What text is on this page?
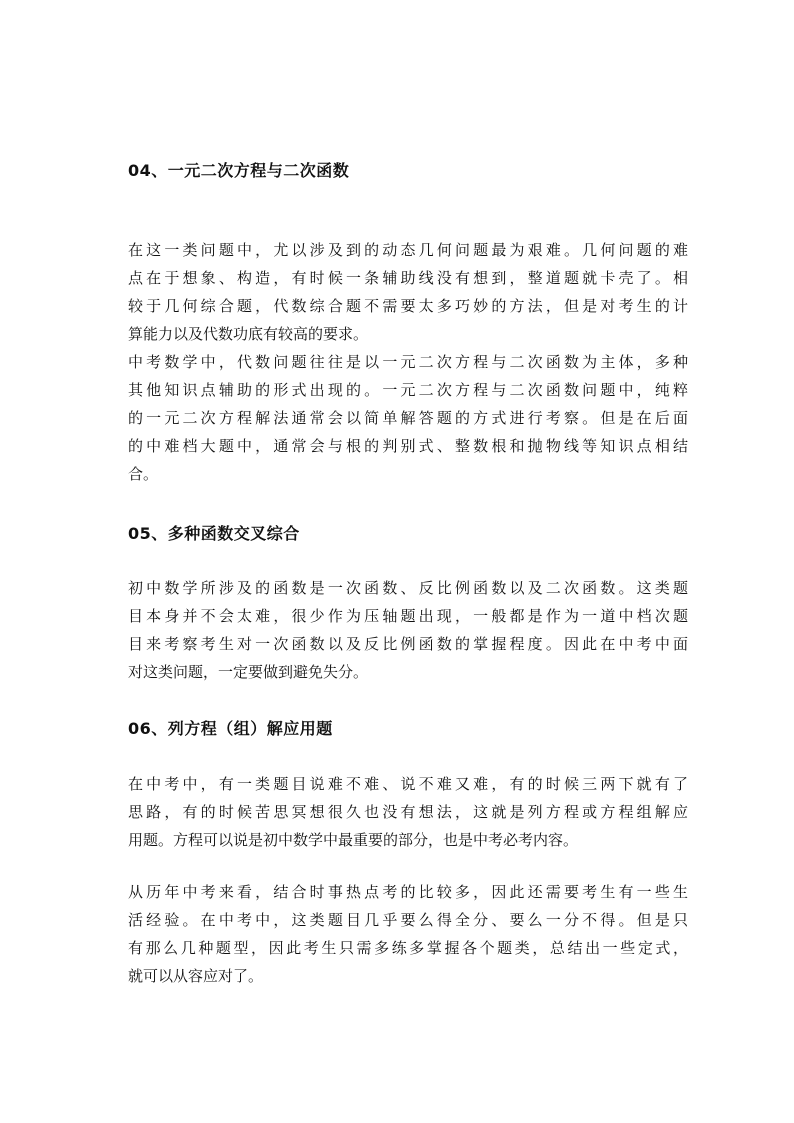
04、一元二次方程与二次函数
在这一类问题中，尤以涉及到的动态几何问题最为艰难。几何问题的难
点在于想象、构造，有时候一条辅助线没有想到，整道题就卡壳了。相
较于几何综合题，代数综合题不需要太多巧妙的方法，但是对考生的计
算能力以及代数功底有较高的要求。
中考数学中，代数问题往往是以一元二次方程与二次函数为主体，多种
其他知识点辅助的形式出现的。一元二次方程与二次函数问题中，纯粹
的一元二次方程解法通常会以简单解答题的方式进行考察。但是在后面
的中难档大题中，通常会与根的判别式、整数根和抛物线等知识点相结
合。
05、多种函数交叉综合
初中数学所涉及的函数是一次函数、反比例函数以及二次函数。这类题
目本身并不会太难，很少作为压轴题出现，一般都是作为一道中档次题
目来考察考生对一次函数以及反比例函数的掌握程度。因此在中考中面
对这类问题，一定要做到避免失分。
06、列方程（组）解应用题
在中考中，有一类题目说难不难、说不难又难，有的时候三两下就有了
思路，有的时候苦思冥想很久也没有想法，这就是列方程或方程组解应
用题。方程可以说是初中数学中最重要的部分，也是中考必考内容。
从历年中考来看，结合时事热点考的比较多，因此还需要考生有一些生
活经验。在中考中，这类题目几乎要么得全分、要么一分不得。但是只
有那么几种题型，因此考生只需多练多掌握各个题类，总结出一些定式，
就可以从容应对了。
